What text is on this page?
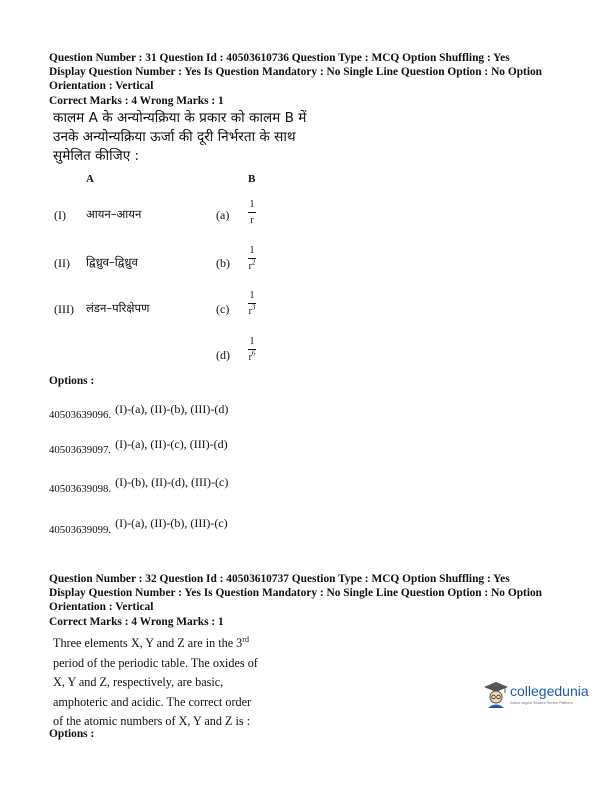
Question Number : 31 Question Id : 40503610736 Question Type : MCQ Option Shuffling : Yes
Display Question Number : Yes Is Question Mandatory : No Single Line Question Option : No Option
Orientation : Vertical
Correct Marks : 4 Wrong Marks : 1
कालम A के अन्योन्यक्रिया के प्रकार को कालम B में
उनके अन्योन्यक्रिया ऊर्जा की दूरी निर्भरता के साथ
सुमेलित कीजिए :
A	B
(I) आयन–आयन	(a)
1
r
(II) द्विध्रुव–द्विध्रुव	(b)
1
$r^2$
(III) लंडन–परिक्षेपण	(c)
1
$r^3$
(d)
1
$r^6$
Options :
$_{40503639096.}$ (I)-(a), (II)-(b), (III)-(d)
$_{40503639097.}$ (I)-(a), (II)-(c), (III)-(d)
$_{40503639098.}$ (I)-(b), (II)-(d), (III)-(c)
$_{40503639099.}$ (I)-(a), (II)-(b), (III)-(c)
Question Number : 32 Question Id : 40503610737 Question Type : MCQ Option Shuffling : Yes
Display Question Number : Yes Is Question Mandatory : No Single Line Question Option : No Option
Orientation : Vertical
Correct Marks : 4 Wrong Marks : 1
Three elements X, Y and Z are in the 3rd
period of the periodic table. The oxides of
X, Y and Z, respectively, are basic,
amphoteric and acidic. The correct order
of the atomic numbers of X, Y and Z is :
Options :
collegedunia
India's largest Student Review Platform
